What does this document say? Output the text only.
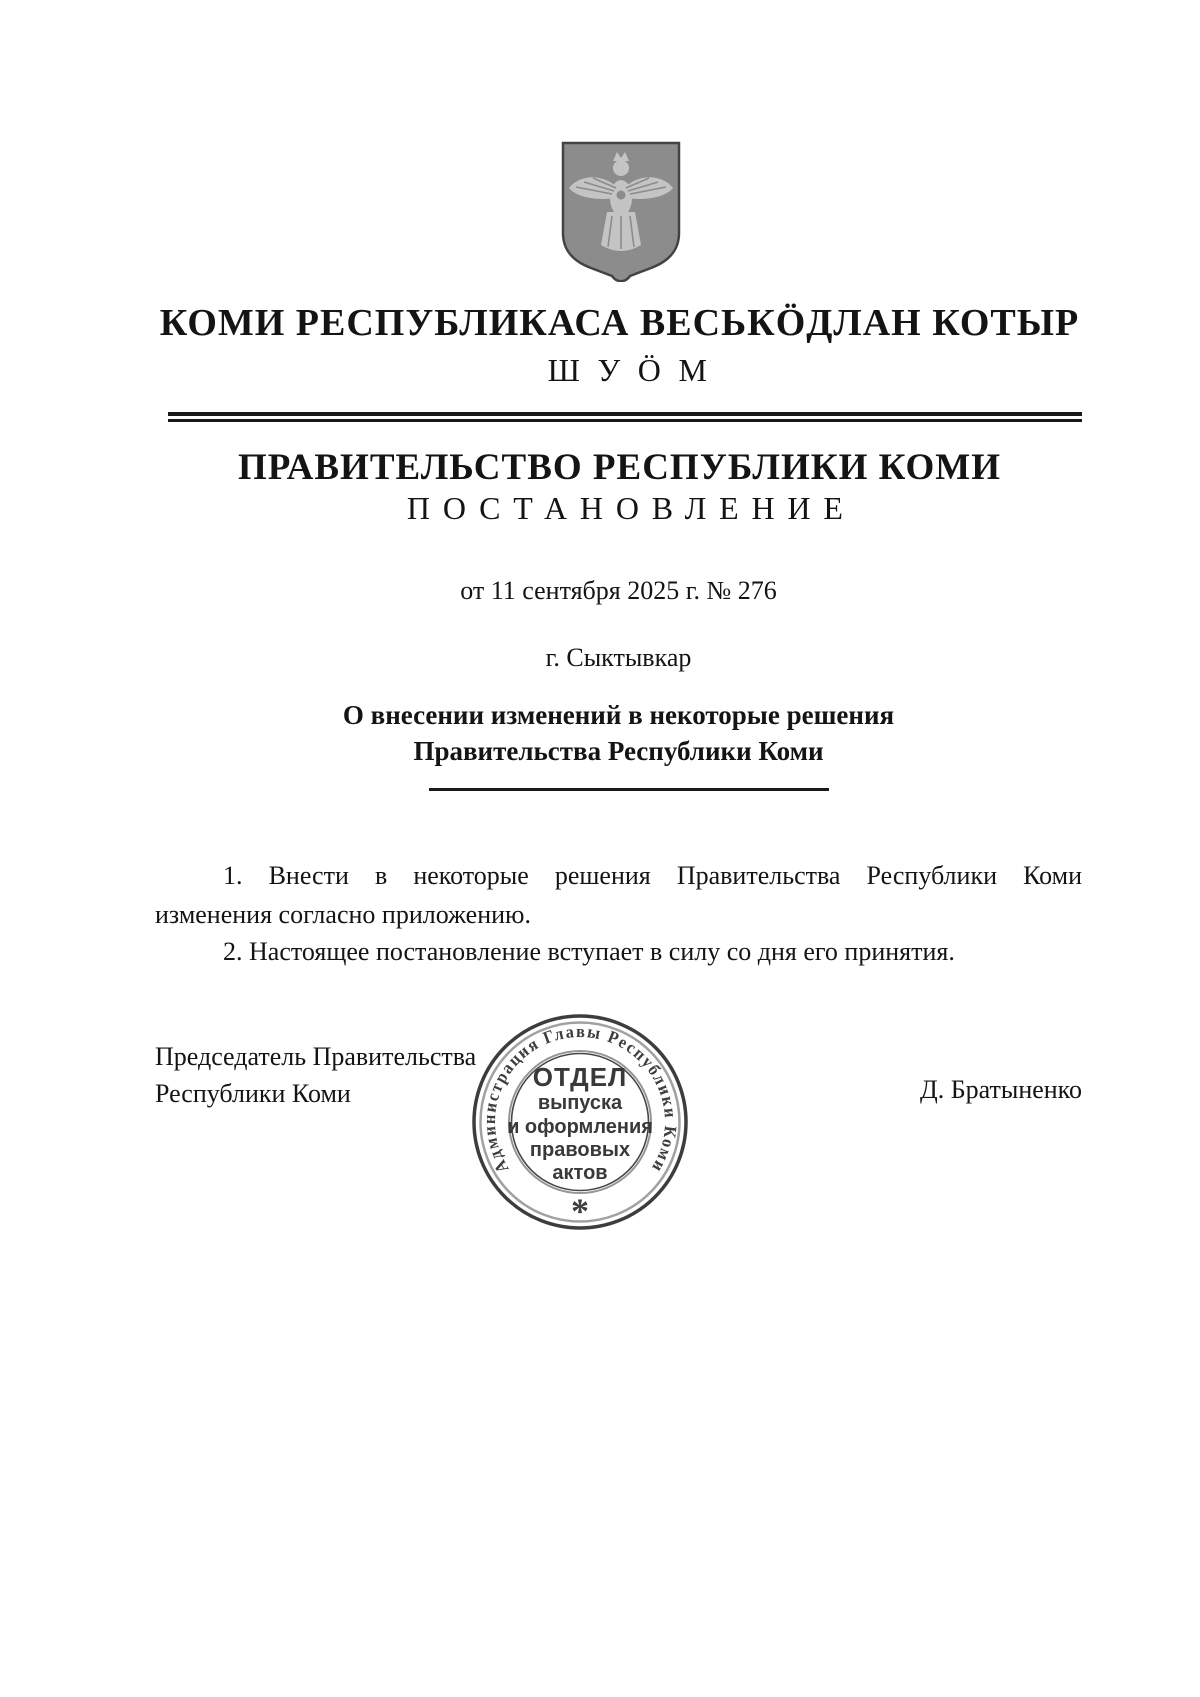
КОМИ РЕСПУБЛИКАСА ВЕСЬКÖДЛАН КОТЫР
ШУÖМ
ПРАВИТЕЛЬСТВО РЕСПУБЛИКИ КОМИ
ПОСТАНОВЛЕНИЕ
от 11 сентября 2025 г. № 276
г. Сыктывкар
О внесении изменений в некоторые решения
Правительства Республики Коми
1. Внести в некоторые решения Правительства Республики Коми
изменения согласно приложению.
2. Настоящее постановление вступает в силу со дня его принятия.
Председатель Правительства
Республики Коми	Д. Братыненко
Администрация Главы Республики Коми
*
ОТДЕЛ
выпуска
и оформления
правовых
актов
